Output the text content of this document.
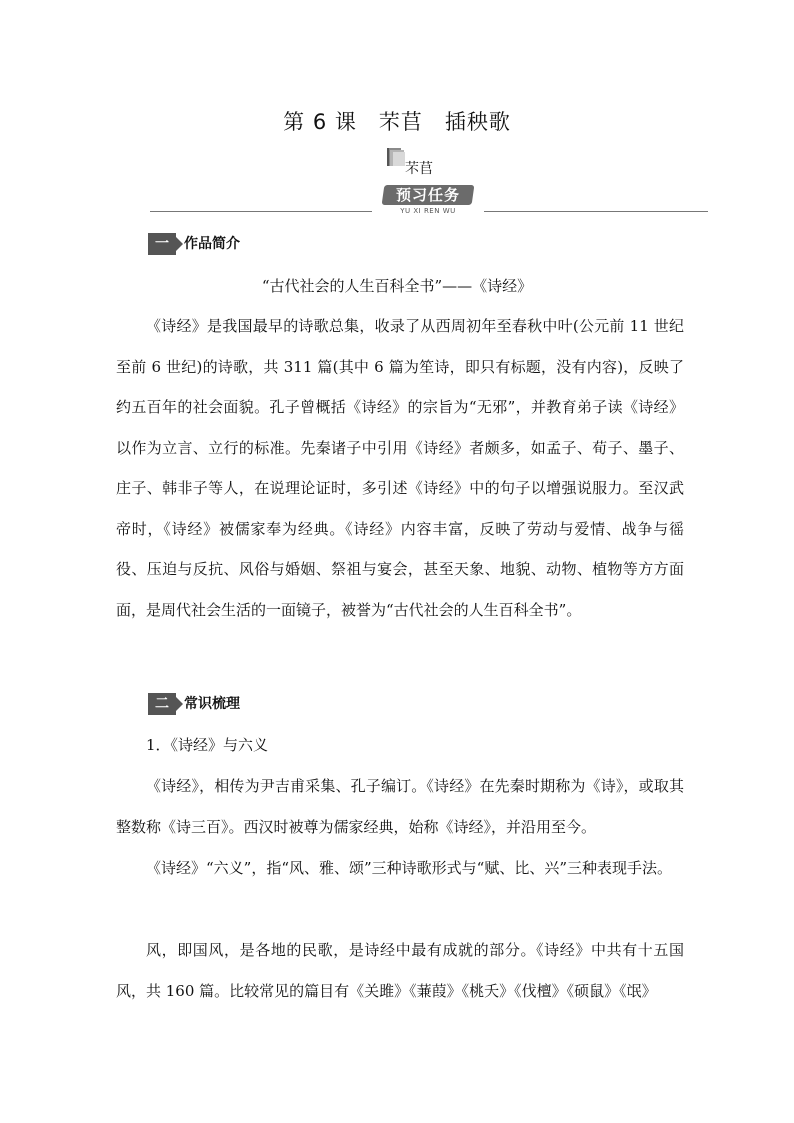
第 6 课　芣苢　插秧歌
芣苢
预习任务
YU XI REN WU
一	作品简介
“古代社会的人生百科全书”——《诗经》

《诗经》是我国最早的诗歌总集，收录了从西周初年至春秋中叶(公元前 11 世纪至前 6 世纪)的诗歌，共 311 篇(其中 6 篇为笙诗，即只有标题，没有内容)，反映了约五百年的社会面貌。孔子曾概括《诗经》的宗旨为“无邪”，并教育弟子读《诗经》以作为立言、立行的标准。先秦诸子中引用《诗经》者颇多，如孟子、荀子、墨子、庄子、韩非子等人，在说理论证时，多引述《诗经》中的句子以增强说服力。至汉武帝时，《诗经》被儒家奉为经典。《诗经》内容丰富，反映了劳动与爱情、战争与徭役、压迫与反抗、风俗与婚姻、祭祖与宴会，甚至天象、地貌、动物、植物等方方面面，是周代社会生活的一面镜子，被誉为“古代社会的人生百科全书”。

二	常识梳理

1．《诗经》与六义

《诗经》，相传为尹吉甫采集、孔子编订。《诗经》在先秦时期称为《诗》，或取其整数称《诗三百》。西汉时被尊为儒家经典，始称《诗经》，并沿用至今。

《诗经》“六义”，指“风、雅、颂”三种诗歌形式与“赋、比、兴”三种表现手法。

风，即国风，是各地的民歌，是诗经中最有成就的部分。《诗经》中共有十五国风，共 160 篇。比较常见的篇目有《关雎》《蒹葭》《桃夭》《伐檀》《硕鼠》《氓》
